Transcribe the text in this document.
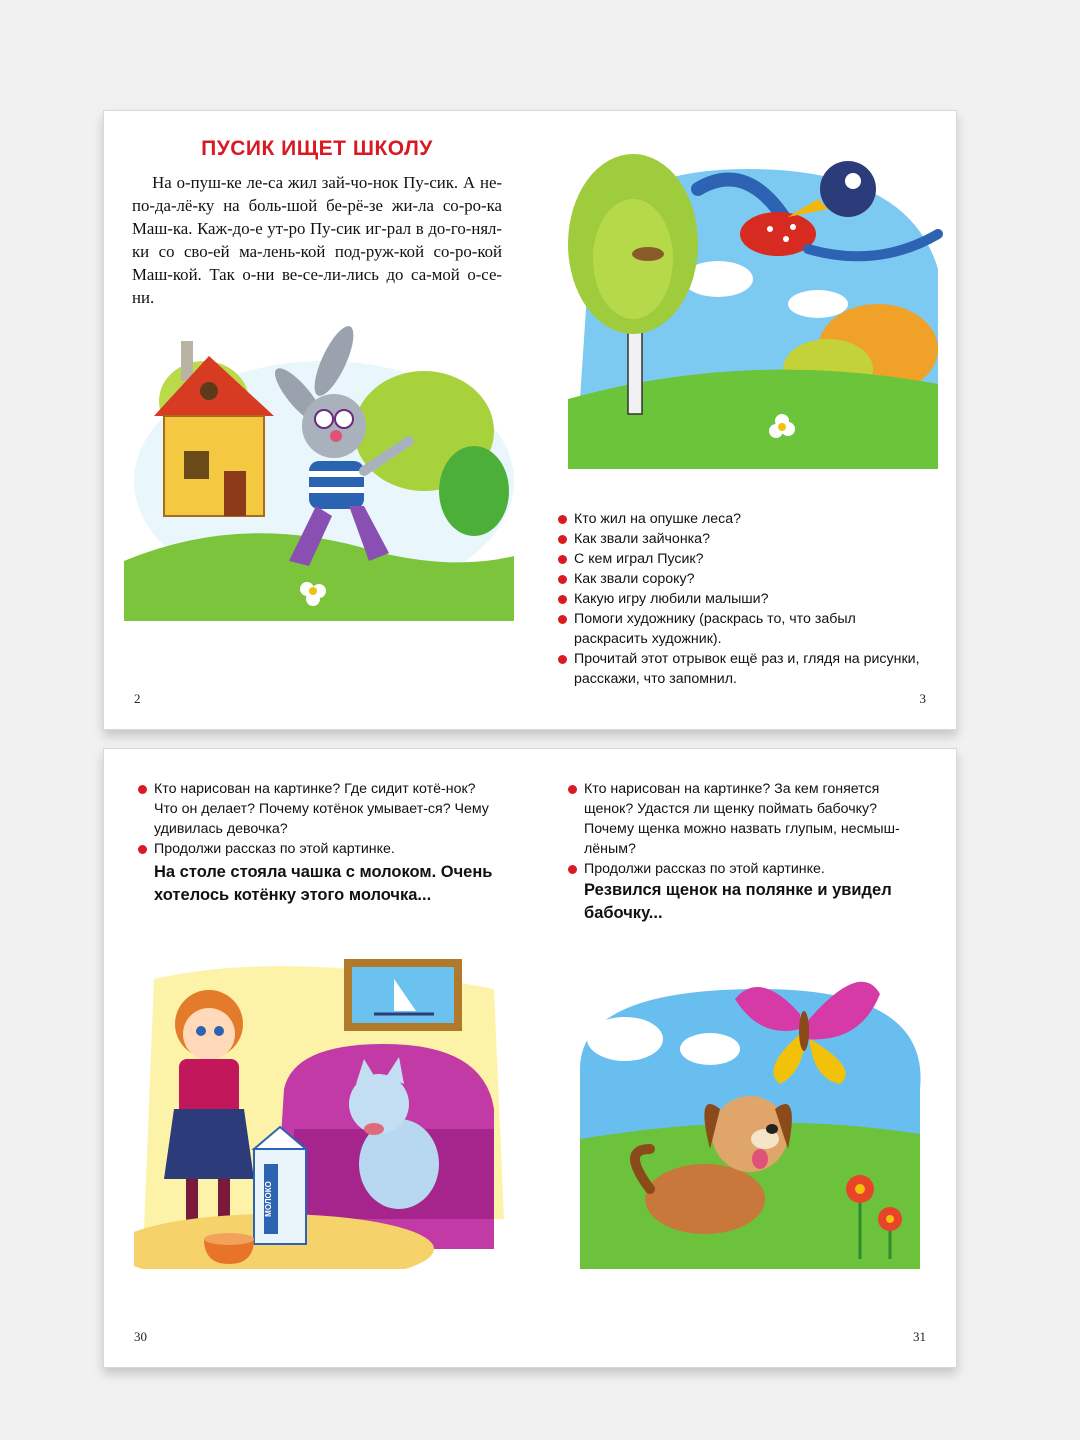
ПУСИК ИЩЕТ ШКОЛУ

На о-пуш-ке ле-са жил зай-чо-нок Пу-сик. А не-по-да-лё-ку на боль-шой бе-рё-зе жи-ла со-ро-ка Маш-ка. Каж-до-е ут-ро Пу-сик иг-рал в до-го-нял-ки со сво-ей ма-лень-кой под-руж-кой со-ро-кой Маш-кой. Так о-ни ве-се-ли-лись до са-мой о-се-ни.

2
Кто жил на опушке леса?
Как звали зайчонка?
С кем играл Пусик?
Как звали сороку?
Какую игру любили малыши?
Помоги художнику (раскрась то, что забыл раскрасить художник).
Прочитай этот отрывок ещё раз и, глядя на рисунки, расскажи, что запомнил.
3
Кто нарисован на картинке? Где сидит котё-нок? Что он делает? Почему котёнок умывает-ся? Чему удивилась девочка?
Продолжи рассказ по этой картинке.
На столе стояла чашка с молоком. Очень хотелось котёнку этого молочка...
МОЛОКО
30
Кто нарисован на картинке? За кем гоняется щенок? Удастся ли щенку поймать бабочку? Почему щенка можно назвать глупым, несмыш-лёным?
Продолжи рассказ по этой картинке.
Резвился щенок на полянке и увидел бабочку...
31
